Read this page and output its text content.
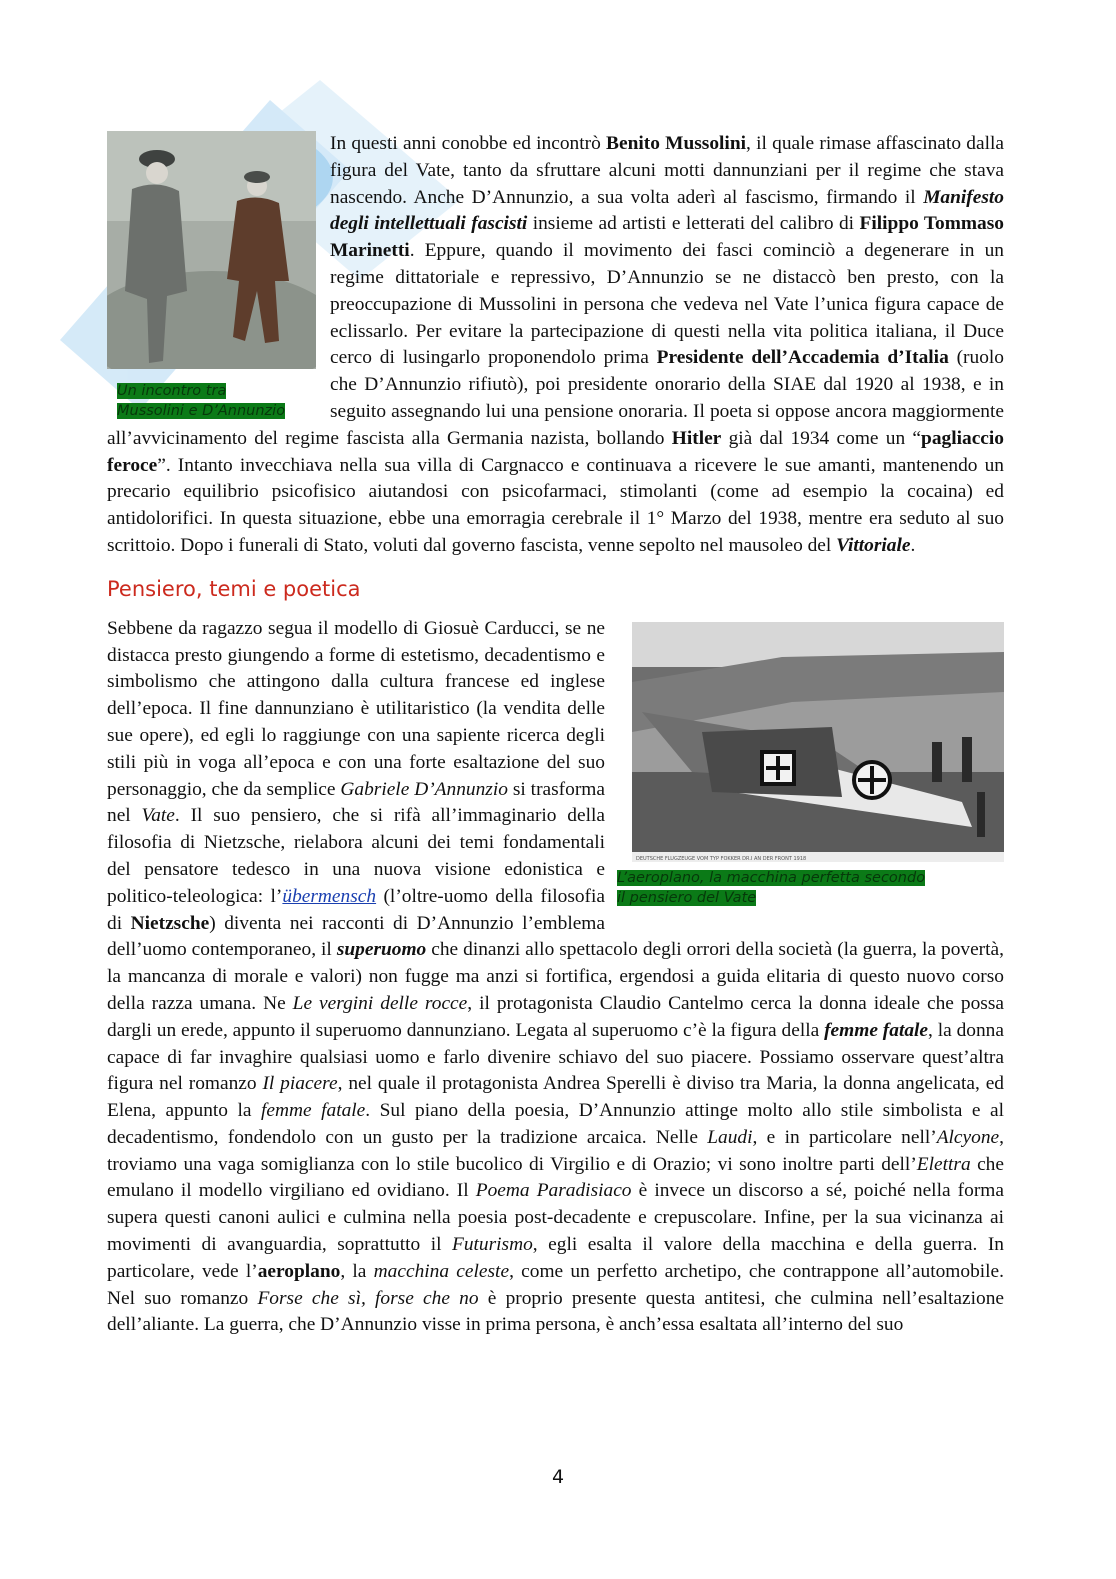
Un incontro tra
Mussolini e D’Annunzio

In questi anni conobbe ed incontrò Benito Mussolini, il quale rimase affascinato dalla figura del Vate, tanto da sfruttare alcuni motti dannunziani per il regime che stava nascendo. Anche D’Annunzio, a sua volta aderì al fascismo, firmando il Manifesto degli intellettuali fascisti insieme ad artisti e letterati del calibro di Filippo Tommaso Marinetti. Eppure, quando il movimento dei fasci cominciò a degenerare in un regime dittatoriale e repressivo, D’Annunzio se ne distaccò ben presto, con la preoccupazione di Mussolini in persona che vedeva nel Vate l’unica figura capace de eclissarlo. Per evitare la partecipazione di questi nella vita politica italiana, il Duce cerco di lusingarlo proponendolo prima Presidente dell’Accademia d’Italia (ruolo che D’Annunzio rifiutò), poi presidente onorario della SIAE dal 1920 al 1938, e in seguito assegnando lui una pensione onoraria. Il poeta si oppose ancora maggiormente all’avvicinamento del regime fascista alla Germania nazista, bollando Hitler già dal 1934 come un “pagliaccio feroce”. Intanto invecchiava nella sua villa di Cargnacco e continuava a ricevere le sue amanti, mantenendo un precario equilibrio psicofisico aiutandosi con psicofarmaci, stimolanti (come ad esempio la cocaina) ed antidolorifici. In questa situazione, ebbe una emorragia cerebrale il 1° Marzo del 1938, mentre era seduto al suo scrittoio. Dopo i funerali di Stato, voluti dal governo fascista, venne sepolto nel mausoleo del Vittoriale.

Pensiero, temi e poetica
DEUTSCHE FLUGZEUGE VOM TYP FOKKER DR.I AN DER FRONT 1918
L’aeroplano, la macchina perfetta secondo
il pensiero del Vate

Sebbene da ragazzo segua il modello di Giosuè Carducci, se ne distacca presto giungendo a forme di estetismo, decadentismo e simbolismo che attingono dalla cultura francese ed inglese dell’epoca. Il fine dannunziano è utilitaristico (la vendita delle sue opere), ed egli lo raggiunge con una sapiente ricerca degli stili più in voga all’epoca e con una forte esaltazione del suo personaggio, che da semplice Gabriele D’Annunzio si trasforma nel Vate. Il suo pensiero, che si rifà all’immaginario della filosofia di Nietzsche, rielabora alcuni dei temi fondamentali del pensatore tedesco in una nuova visione edonistica e politico-teleologica: l’übermensch (l’oltre-uomo della filosofia di Nietzsche) diventa nei racconti di D’Annunzio l’emblema dell’uomo contemporaneo, il superuomo che dinanzi allo spettacolo degli orrori della società (la guerra, la povertà, la mancanza di morale e valori) non fugge ma anzi si fortifica, ergendosi a guida elitaria di questo nuovo corso della razza umana. Ne Le vergini delle rocce, il protagonista Claudio Cantelmo cerca la donna ideale che possa dargli un erede, appunto il superuomo dannunziano. Legata al superuomo c’è la figura della femme fatale, la donna capace di far invaghire qualsiasi uomo e farlo divenire schiavo del suo piacere. Possiamo osservare quest’altra figura nel romanzo Il piacere, nel quale il protagonista Andrea Sperelli è diviso tra Maria, la donna angelicata, ed Elena, appunto la femme fatale. Sul piano della poesia, D’Annunzio attinge molto allo stile simbolista e al decadentismo, fondendolo con un gusto per la tradizione arcaica. Nelle Laudi, e in particolare nell’Alcyone, troviamo una vaga somiglianza con lo stile bucolico di Virgilio e di Orazio; vi sono inoltre parti dell’Elettra che emulano il modello virgiliano ed ovidiano. Il Poema Paradisiaco è invece un discorso a sé, poiché nella forma supera questi canoni aulici e culmina nella poesia post-decadente e crepuscolare. Infine, per la sua vicinanza ai movimenti di avanguardia, soprattutto il Futurismo, egli esalta il valore della macchina e della guerra. In particolare, vede l’aeroplano, la macchina celeste, come un perfetto archetipo, che contrappone all’automobile. Nel suo romanzo Forse che sì, forse che no è proprio presente questa antitesi, che culmina nell’esaltazione dell’aliante. La guerra, che D’Annunzio visse in prima persona, è anch’essa esaltata all’interno del suo

4
